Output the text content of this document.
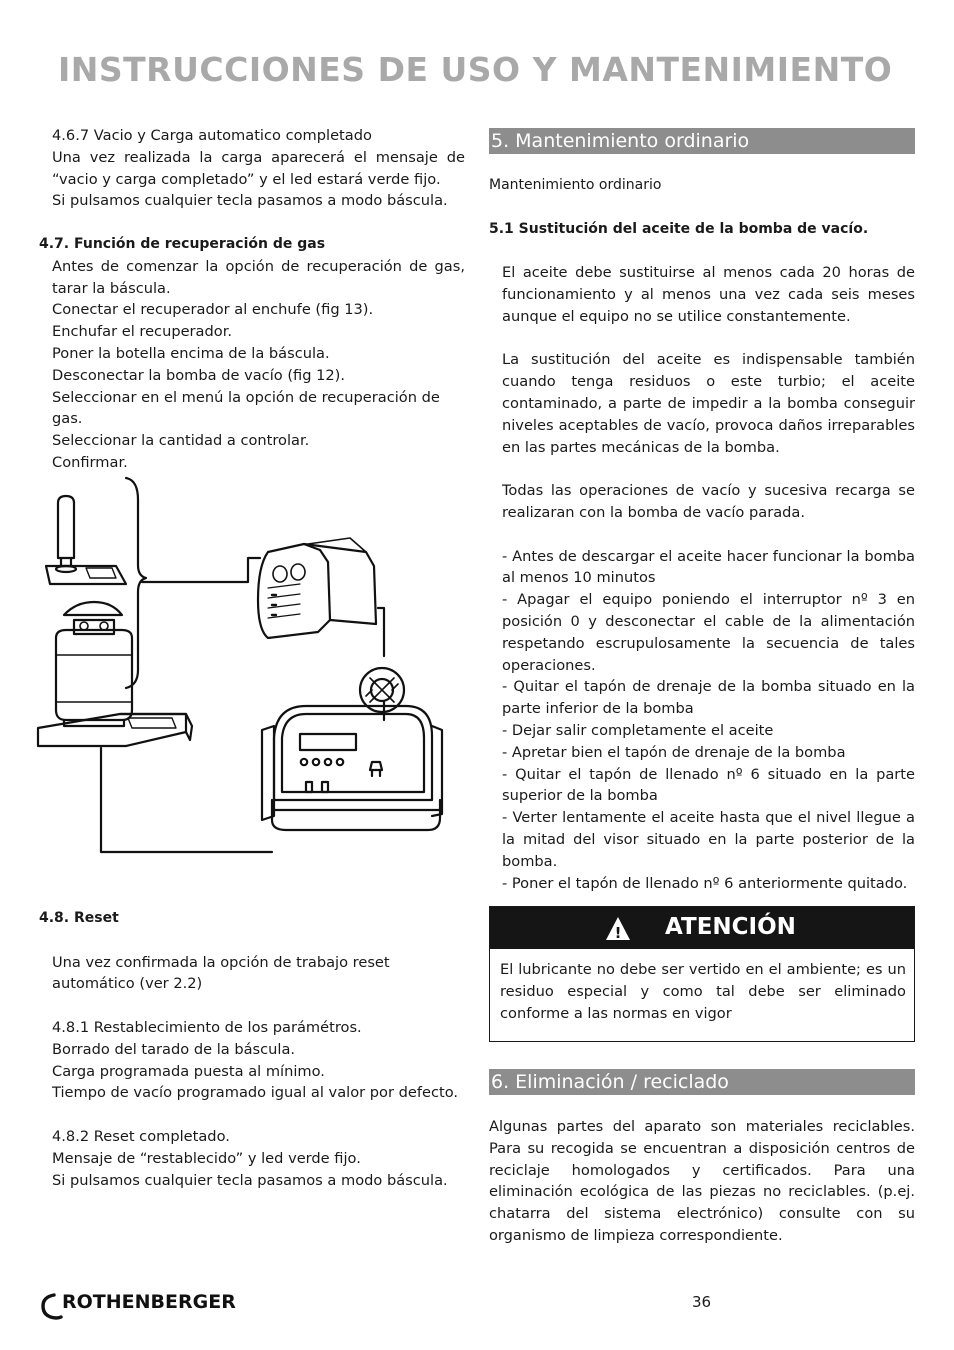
INSTRUCCIONES DE USO Y MANTENIMIENTO

4.6.7 Vacio y Carga automatico completado

Una vez realizada la carga aparecerá el mensaje de “vacio y carga completado” y el led estará verde fijo.

Si pulsamos cualquier tecla pasamos a modo báscula.

4.7. Función de recuperación de gas

Antes de comenzar la opción de recuperación de gas, tarar la báscula.

Conectar el recuperador al enchufe (fig 13).

Enchufar el recuperador.

Poner la botella encima de la báscula.

Desconectar la bomba de vacío (fig 12).

Seleccionar en el menú la opción de recuperación de gas.

Seleccionar la cantidad a controlar.

Confirmar.

4.8. Reset

Una vez confirmada la opción de trabajo reset automático (ver 2.2)

4.8.1 Restablecimiento de los parámétros.

Borrado del tarado de la báscula.

Carga programada puesta al mínimo.

Tiempo de vacío programado igual al valor por defecto.

4.8.2 Reset completado.

Mensaje de “restablecido” y led verde fijo.

Si pulsamos cualquier tecla pasamos a modo báscula.

5. Mantenimiento ordinario

Mantenimiento ordinario

5.1 Sustitución del aceite de la bomba de vacío.

El aceite debe sustituirse al menos cada 20 horas de funcionamiento y al menos una vez cada seis meses aunque el equipo no se utilice constantemente.

La sustitución del aceite es indispensable también cuando tenga residuos o este turbio; el aceite contaminado, a parte de impedir a la bomba conseguir niveles aceptables de vacío, provoca daños irreparables en las partes mecánicas de la bomba.

Todas las operaciones de vacío y sucesiva recarga se realizaran con la bomba de vacío parada.

- Antes de descargar el aceite hacer funcionar la bomba al menos 10 minutos

- Apagar el equipo poniendo el interruptor nº 3 en posición 0 y desconectar el cable de la alimentación respetando escrupulosamente la secuencia de tales operaciones.

- Quitar el tapón de drenaje de la bomba situado en la parte inferior de la bomba

- Dejar salir completamente el aceite

- Apretar bien el tapón de drenaje de la bomba

- Quitar el tapón de llenado nº 6 situado en la parte superior de la bomba

- Verter lentamente el aceite hasta que el nivel llegue a la mitad del visor situado en la parte posterior de la bomba.

- Poner el tapón de llenado nº 6 anteriormente quitado.

! ATENCIÓN

El lubricante no debe ser vertido en el ambiente; es un residuo especial y como tal debe ser eliminado conforme a las normas en vigor

6. Eliminación / reciclado

Algunas partes del aparato son materiales reciclables. Para su recogida se encuentran a disposición centros de reciclaje homologados y certificados. Para una eliminación ecológica de las piezas no reciclables. (p.ej. chatarra del sistema electrónico) consulte con su organismo de limpieza correspondiente.

ROTHENBERGER	36
